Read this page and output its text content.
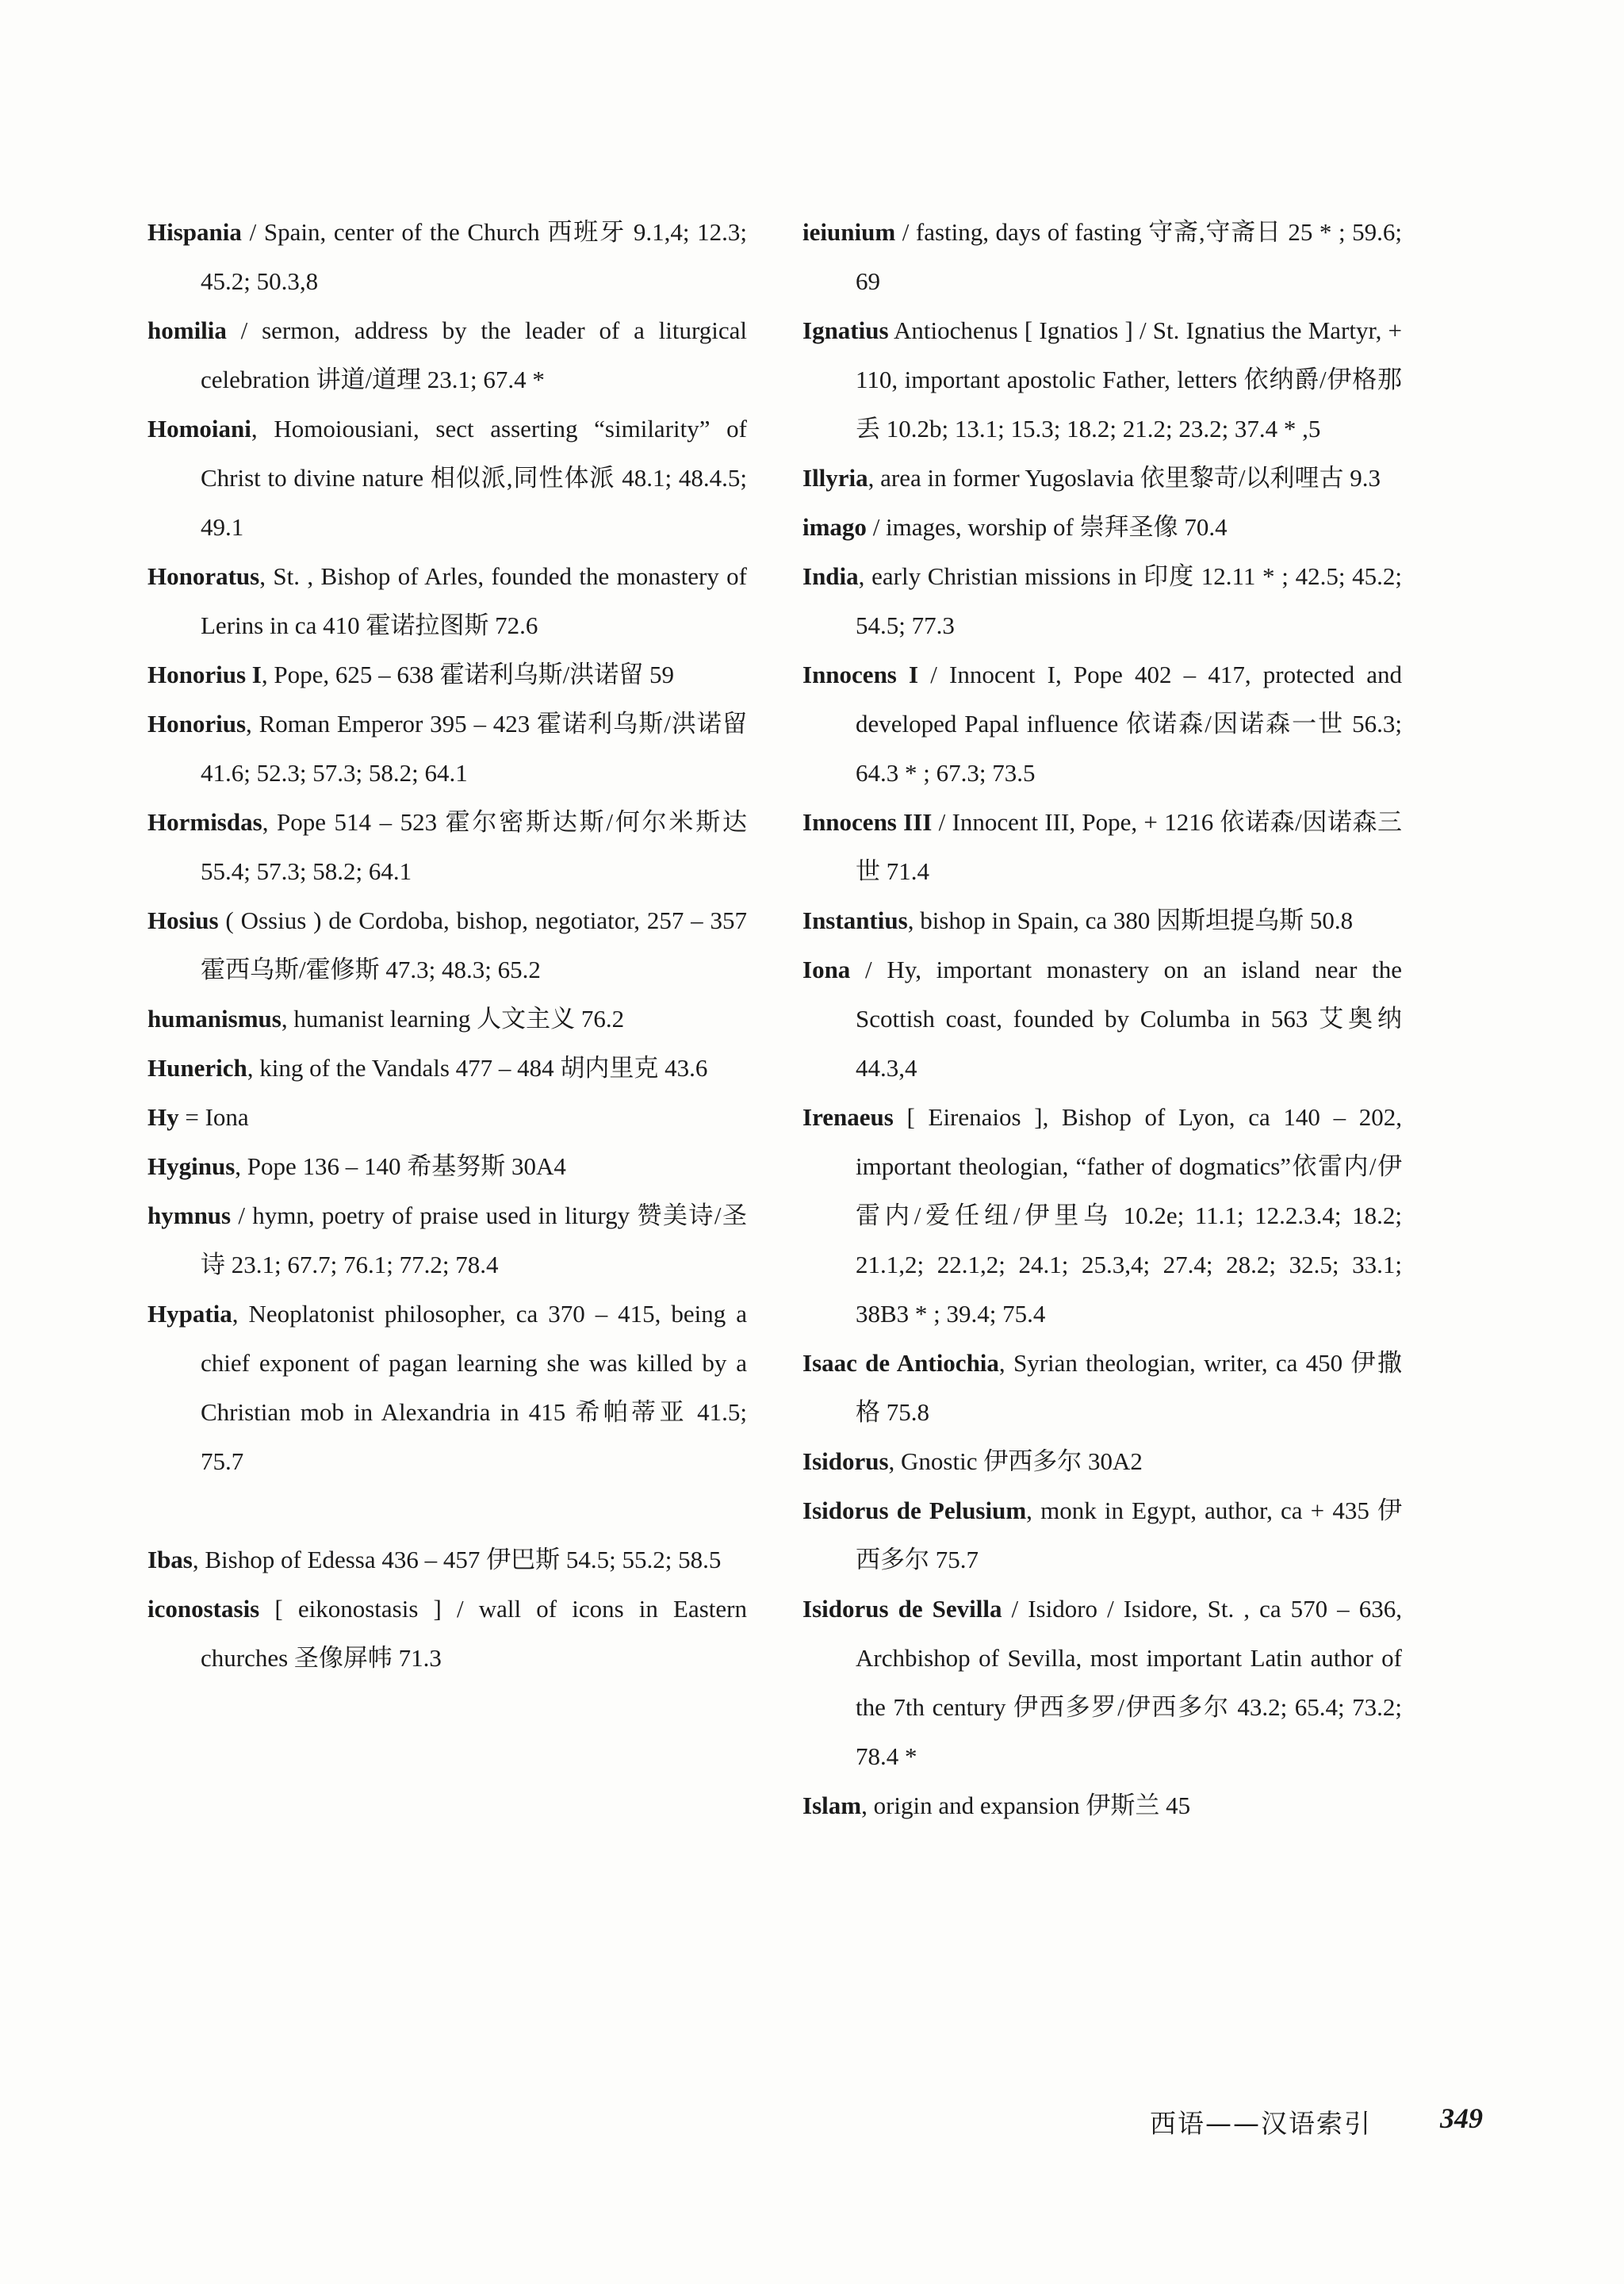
Hispania / Spain, center of the Church 西班牙 9.1,4; 12.3; 45.2; 50.3,8

homilia / sermon, address by the leader of a liturgical celebration 讲道/道理 23.1; 67.4 *

Homoiani, Homoiousiani, sect asserting “similarity” of Christ to divine nature 相似派,同性体派 48.1; 48.4.5; 49.1

Honoratus, St. , Bishop of Arles, founded the monastery of Lerins in ca 410 霍诺拉图斯 72.6

Honorius I, Pope, 625 – 638 霍诺利乌斯/洪诺留 59

Honorius, Roman Emperor 395 – 423 霍诺利乌斯/洪诺留 41.6; 52.3; 57.3; 58.2; 64.1

Hormisdas, Pope 514 – 523 霍尔密斯达斯/何尔米斯达 55.4; 57.3; 58.2; 64.1

Hosius ( Ossius ) de Cordoba, bishop, negotiator, 257 – 357 霍西乌斯/霍修斯 47.3; 48.3; 65.2

humanismus, humanist learning 人文主义 76.2

Hunerich, king of the Vandals 477 – 484 胡内里克 43.6

Hy = Iona

Hyginus, Pope 136 – 140 希基努斯 30A4

hymnus / hymn, poetry of praise used in liturgy 赞美诗/圣诗 23.1; 67.7; 76.1; 77.2; 78.4

Hypatia, Neoplatonist philosopher, ca 370 – 415, being a chief exponent of pagan learning she was killed by a Christian mob in Alexandria in 415 希帕蒂亚 41.5; 75.7

Ibas, Bishop of Edessa 436 – 457 伊巴斯 54.5; 55.2; 58.5

iconostasis [ eikonostasis ] / wall of icons in Eastern churches 圣像屏帏 71.3

ieiunium / fasting, days of fasting 守斋,守斋日 25 * ; 59.6; 69

Ignatius Antiochenus [ Ignatios ] / St. Ignatius the Martyr, + 110, important apostolic Father, letters 依纳爵/伊格那丢 10.2b; 13.1; 15.3; 18.2; 21.2; 23.2; 37.4 * ,5

Illyria, area in former Yugoslavia 依里黎苛/以利哩古 9.3

imago / images, worship of 崇拜圣像 70.4

India, early Christian missions in 印度 12.11 * ; 42.5; 45.2; 54.5; 77.3

Innocens I / Innocent I, Pope 402 – 417, protected and developed Papal influence 依诺森/因诺森一世 56.3; 64.3 * ; 67.3; 73.5

Innocens III / Innocent III, Pope, + 1216 依诺森/因诺森三世 71.4

Instantius, bishop in Spain, ca 380 因斯坦提乌斯 50.8

Iona / Hy, important monastery on an island near the Scottish coast, founded by Columba in 563 艾奥纳 44.3,4

Irenaeus [ Eirenaios ], Bishop of Lyon, ca 140 – 202, important theologian, “father of dogmatics”依雷内/伊雷内/爱任纽/伊里乌 10.2e; 11.1; 12.2.3.4; 18.2; 21.1,2; 22.1,2; 24.1; 25.3,4; 27.4; 28.2; 32.5; 33.1; 38B3 * ; 39.4; 75.4

Isaac de Antiochia, Syrian theologian, writer, ca 450 伊撒格 75.8

Isidorus, Gnostic 伊西多尔 30A2

Isidorus de Pelusium, monk in Egypt, author, ca + 435 伊西多尔 75.7

Isidorus de Sevilla / Isidoro / Isidore, St. , ca 570 – 636, Archbishop of Sevilla, most important Latin author of the 7th century 伊西多罗/伊西多尔 43.2; 65.4; 73.2; 78.4 *

Islam, origin and expansion 伊斯兰 45

西语——汉语索引 349
